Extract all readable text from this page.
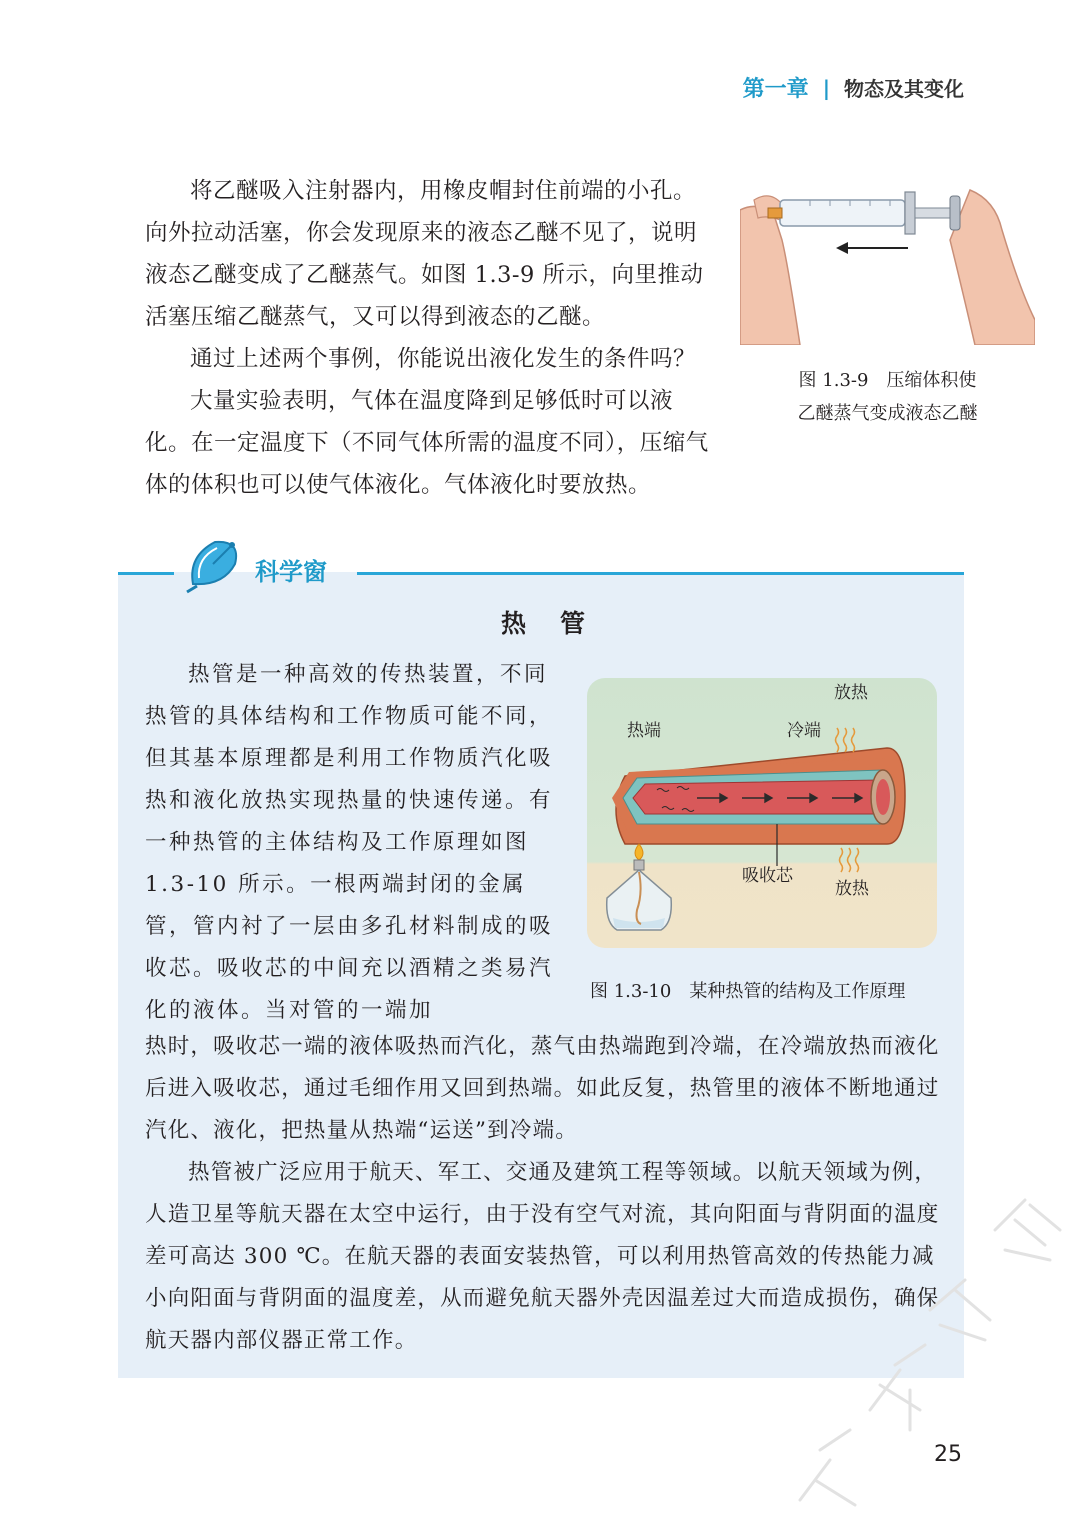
第一章 | 物态及其变化

将乙醚吸入注射器内，用橡皮帽封住前端的小孔。向外拉动活塞，你会发现原来的液态乙醚不见了，说明液态乙醚变成了乙醚蒸气。如图 1.3-9 所示，向里推动活塞压缩乙醚蒸气，又可以得到液态的乙醚。

通过上述两个事例，你能说出液化发生的条件吗？

大量实验表明，气体在温度降到足够低时可以液化。在一定温度下（不同气体所需的温度不同），压缩气体的体积也可以使气体液化。气体液化时要放热。

图 1.3-9　压缩体积使
乙醚蒸气变成液态乙醚
科学窗
热管

热管是一种高效的传热装置，不同热管的具体结构和工作物质可能不同，但其基本原理都是利用工作物质汽化吸热和液化放热实现热量的快速传递。有一种热管的主体结构及工作原理如图 1.3-10 所示。一根两端封闭的金属管，管内衬了一层由多孔材料制成的吸收芯。吸收芯的中间充以酒精之类易汽化的液体。当对管的一端加

热时，吸收芯一端的液体吸热而汽化，蒸气由热端跑到冷端，在冷端放热而液化后进入吸收芯，通过毛细作用又回到热端。如此反复，热管里的液体不断地通过汽化、液化，把热量从热端“运送”到冷端。

热管被广泛应用于航天、军工、交通及建筑工程等领域。以航天领域为例，人造卫星等航天器在太空中运行，由于没有空气对流，其向阳面与背阴面的温度差可高达 300 ℃。在航天器的表面安装热管，可以利用热管高效的传热能力减小向阳面与背阴面的温度差，从而避免航天器外壳因温差过大而造成损伤，确保航天器内部仪器正常工作。

热端	冷端
放热
放热
吸收芯
图 1.3-10　某种热管的结构及工作原理
25
